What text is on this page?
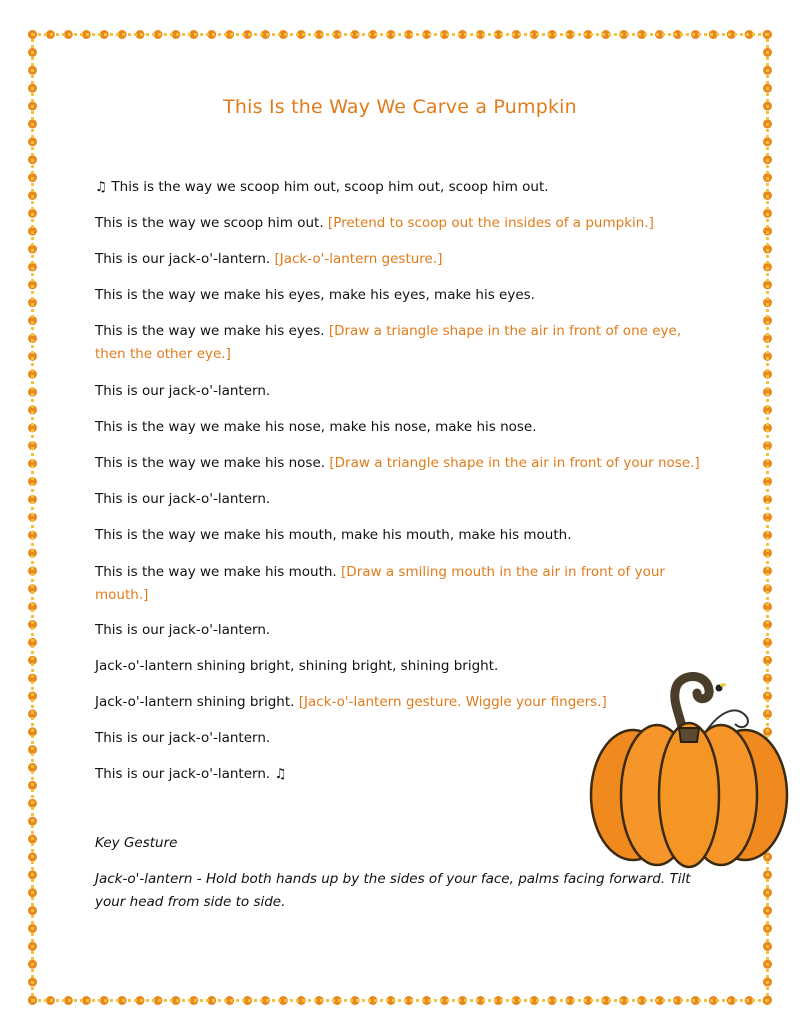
This Is the Way We Carve a Pumpkin
♫ This is the way we scoop him out, scoop him out, scoop him out.
This is the way we scoop him out. [Pretend to scoop out the insides of a pumpkin.]
This is our jack-o'-lantern. [Jack-o'-lantern gesture.]
This is the way we make his eyes, make his eyes, make his eyes.
This is the way we make his eyes. [Draw a triangle shape in the air in front of one eye, then the other eye.]
This is our jack-o'-lantern.
This is the way we make his nose, make his nose, make his nose.
This is the way we make his nose. [Draw a triangle shape in the air in front of your nose.]
This is our jack-o'-lantern.
This is the way we make his mouth, make his mouth, make his mouth.
This is the way we make his mouth. [Draw a smiling mouth in the air in front of your mouth.]
This is our jack-o'-lantern.
Jack-o'-lantern shining bright, shining bright, shining bright.
Jack-o'-lantern shining bright. [Jack-o'-lantern gesture. Wiggle your fingers.]
This is our jack-o'-lantern.
This is our jack-o'-lantern. ♫
Key Gesture
Jack-o'-lantern - Hold both hands up by the sides of your face, palms facing forward. Tilt your head from side to side.
